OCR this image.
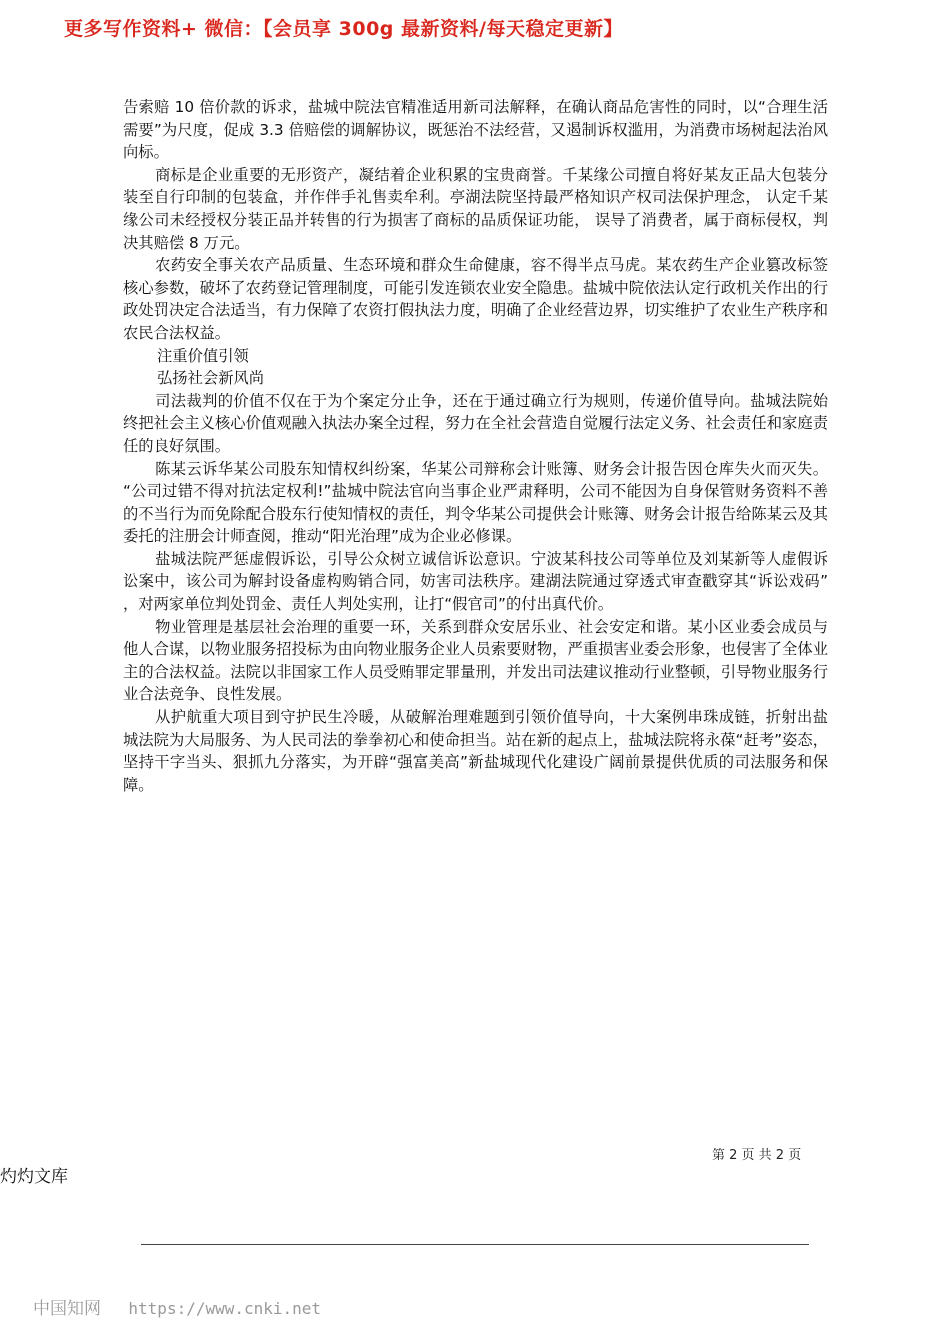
更多写作资料+ 微信：【会员享 300g 最新资料/每天稳定更新】

告索赔 10 倍价款的诉求，盐城中院法官精准适用新司法解释，在确认商品危害性的同时，以“合理生活需要”为尺度，促成 3.3 倍赔偿的调解协议，既惩治不法经营，又遏制诉权滥用，为消费市场树起法治风向标。

商标是企业重要的无形资产，凝结着企业积累的宝贵商誉。千某缘公司擅自将好某友正品大包装分装至自行印制的包装盒，并作伴手礼售卖牟利。亭湖法院坚持最严格知识产权司法保护理念， 认定千某缘公司未经授权分装正品并转售的行为损害了商标的品质保证功能， 误导了消费者，属于商标侵权，判决其赔偿 8 万元。

农药安全事关农产品质量、生态环境和群众生命健康，容不得半点马虎。某农药生产企业篡改标签核心参数，破坏了农药登记管理制度，可能引发连锁农业安全隐患。盐城中院依法认定行政机关作出的行政处罚决定合法适当，有力保障了农资打假执法力度，明确了企业经营边界，切实维护了农业生产秩序和农民合法权益。

注重价值引领

弘扬社会新风尚

司法裁判的价值不仅在于为个案定分止争，还在于通过确立行为规则，传递价值导向。盐城法院始终把社会主义核心价值观融入执法办案全过程，努力在全社会营造自觉履行法定义务、社会责任和家庭责任的良好氛围。

陈某云诉华某公司股东知情权纠纷案，华某公司辩称会计账簿、财务会计报告因仓库失火而灭失。 “公司过错不得对抗法定权利!”盐城中院法官向当事企业严肃释明，公司不能因为自身保管财务资料不善的不当行为而免除配合股东行使知情权的责任，判令华某公司提供会计账簿、财务会计报告给陈某云及其委托的注册会计师查阅，推动“阳光治理”成为企业必修课。

盐城法院严惩虚假诉讼，引导公众树立诚信诉讼意识。宁波某科技公司等单位及刘某新等人虚假诉讼案中，该公司为解封设备虚构购销合同，妨害司法秩序。建湖法院通过穿透式审查戳穿其“诉讼戏码” ，对两家单位判处罚金、责任人判处实刑，让打“假官司”的付出真代价。

物业管理是基层社会治理的重要一环，关系到群众安居乐业、社会安定和谐。某小区业委会成员与他人合谋，以物业服务招投标为由向物业服务企业人员索要财物，严重损害业委会形象，也侵害了全体业主的合法权益。法院以非国家工作人员受贿罪定罪量刑，并发出司法建议推动行业整顿，引导物业服务行业合法竞争、良性发展。

从护航重大项目到守护民生冷暖，从破解治理难题到引领价值导向，十大案例串珠成链，折射出盐城法院为大局服务、为人民司法的拳拳初心和使命担当。站在新的起点上，盐城法院将永葆“赶考”姿态，坚持干字当头、狠抓九分落实，为开辟“强富美高”新盐城现代化建设广阔前景提供优质的司法服务和保障。

第 2 页 共 2 页
灼灼文库
中国知网 https://www.cnki.net
